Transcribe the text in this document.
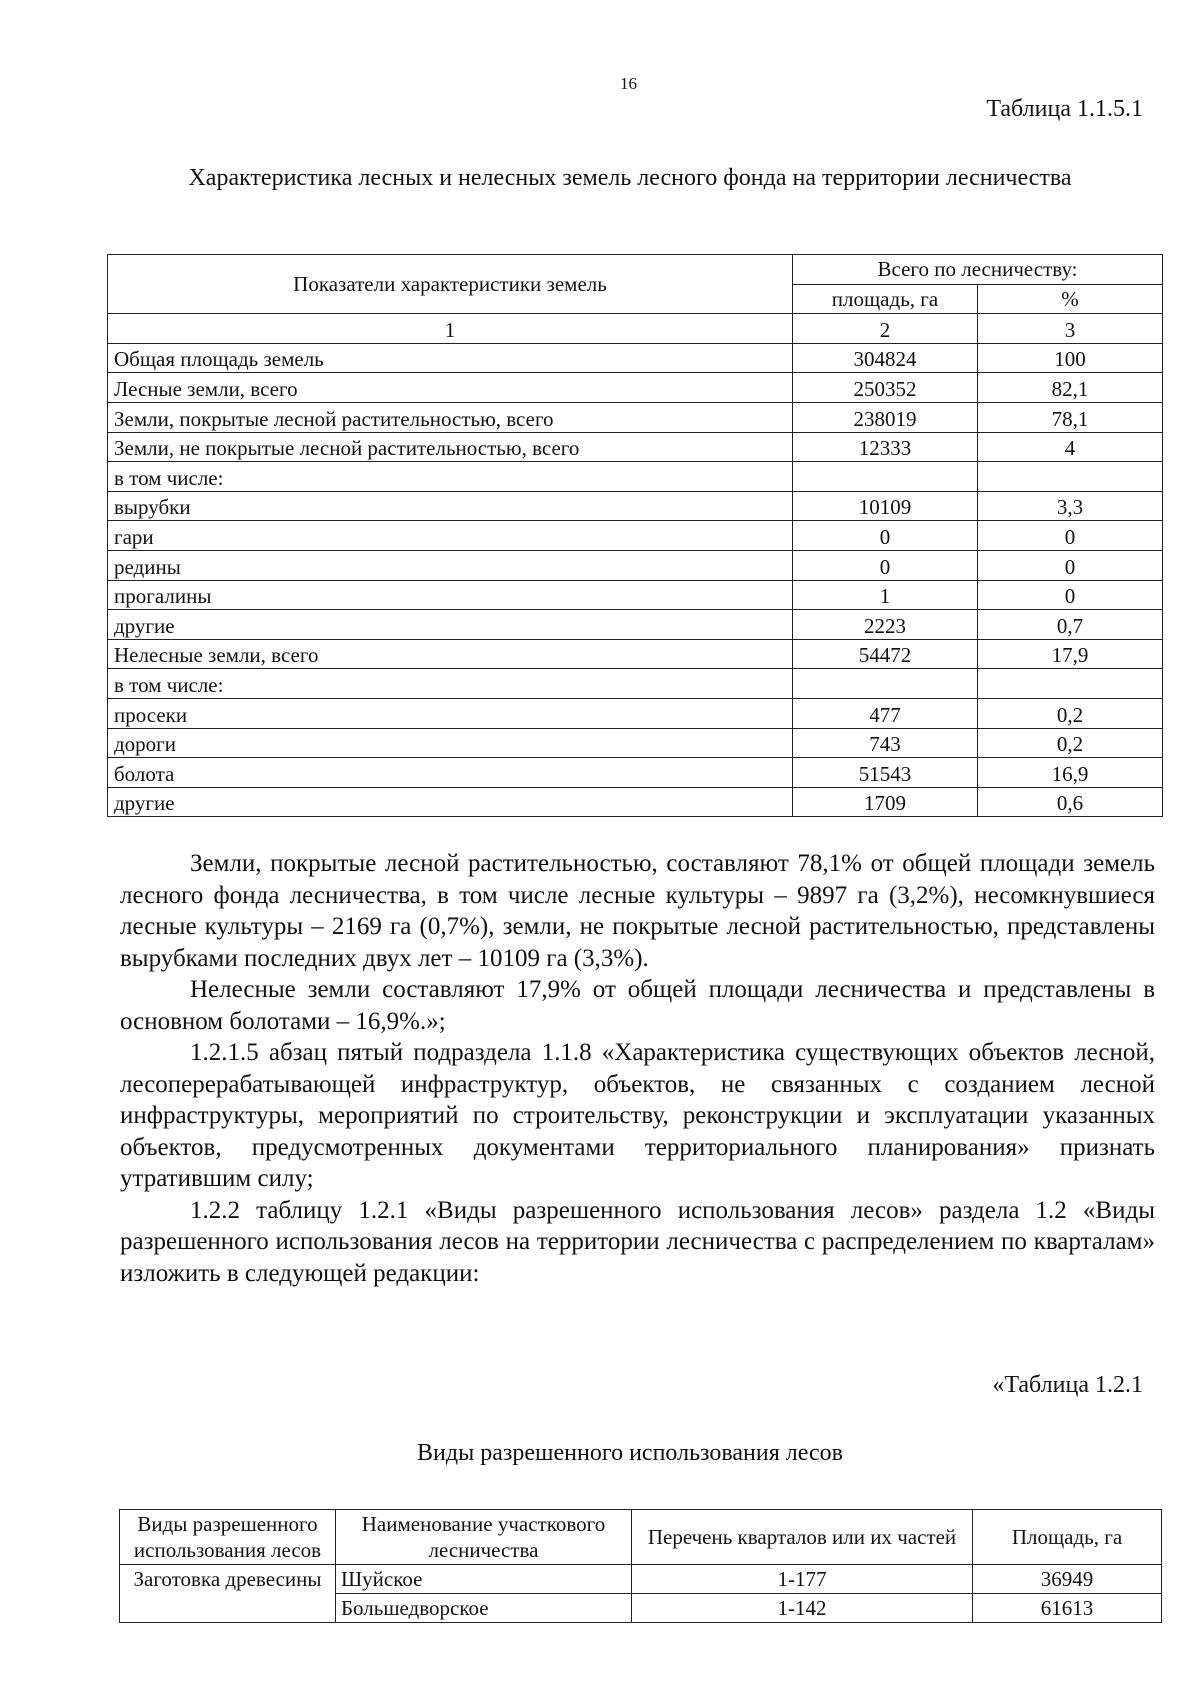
16
Таблица 1.1.5.1
Характеристика лесных и нелесных земель лесного фонда на территории лесничества
Показатели характеристики земель	Всего по лесничеству:	
	площадь, га	%
1	2	3
Общая площадь земель	304824	100
Лесные земли, всего	250352	82,1
Земли, покрытые лесной растительностью, всего	238019	78,1
Земли, не покрытые лесной растительностью, всего	12333	4
в том числе:		
вырубки	10109	3,3
гари	0	0
редины	0	0
прогалины	1	0
другие	2223	0,7
Нелесные земли, всего	54472	17,9
в том числе:		
просеки	477	0,2
дороги	743	0,2
болота	51543	16,9
другие	1709	0,6

Земли, покрытые лесной растительностью, составляют 78,1% от общей площади земель лесного фонда лесничества, в том числе лесные культуры – 9897 га (3,2%), несомкнувшиеся лесные культуры – 2169 га (0,7%), земли, не покрытые лесной растительностью, представлены вырубками последних двух лет – 10109 га (3,3%).

Нелесные земли составляют 17,9% от общей площади лесничества и представлены в основном болотами – 16,9%.»;

1.2.1.5 абзац пятый подраздела 1.1.8 «Характеристика существующих объектов лесной, лесоперерабатывающей инфраструктур, объектов, не связанных с созданием лесной инфраструктуры, мероприятий по строительству, реконструкции и эксплуатации указанных объектов, предусмотренных документами территориального планирования» признать утратившим силу;

1.2.2 таблицу 1.2.1 «Виды разрешенного использования лесов» раздела 1.2 «Виды разрешенного использования лесов на территории лесничества с распределением по кварталам» изложить в следующей редакции:

«Таблица 1.2.1
Виды разрешенного использования лесов
Виды разрешенного использования лесов	Наименование участкового лесничества	Перечень кварталов или их частей	Площадь, га
Заготовка древесины	Шуйское	1-177	36949
	Большедворское	1-142	61613
